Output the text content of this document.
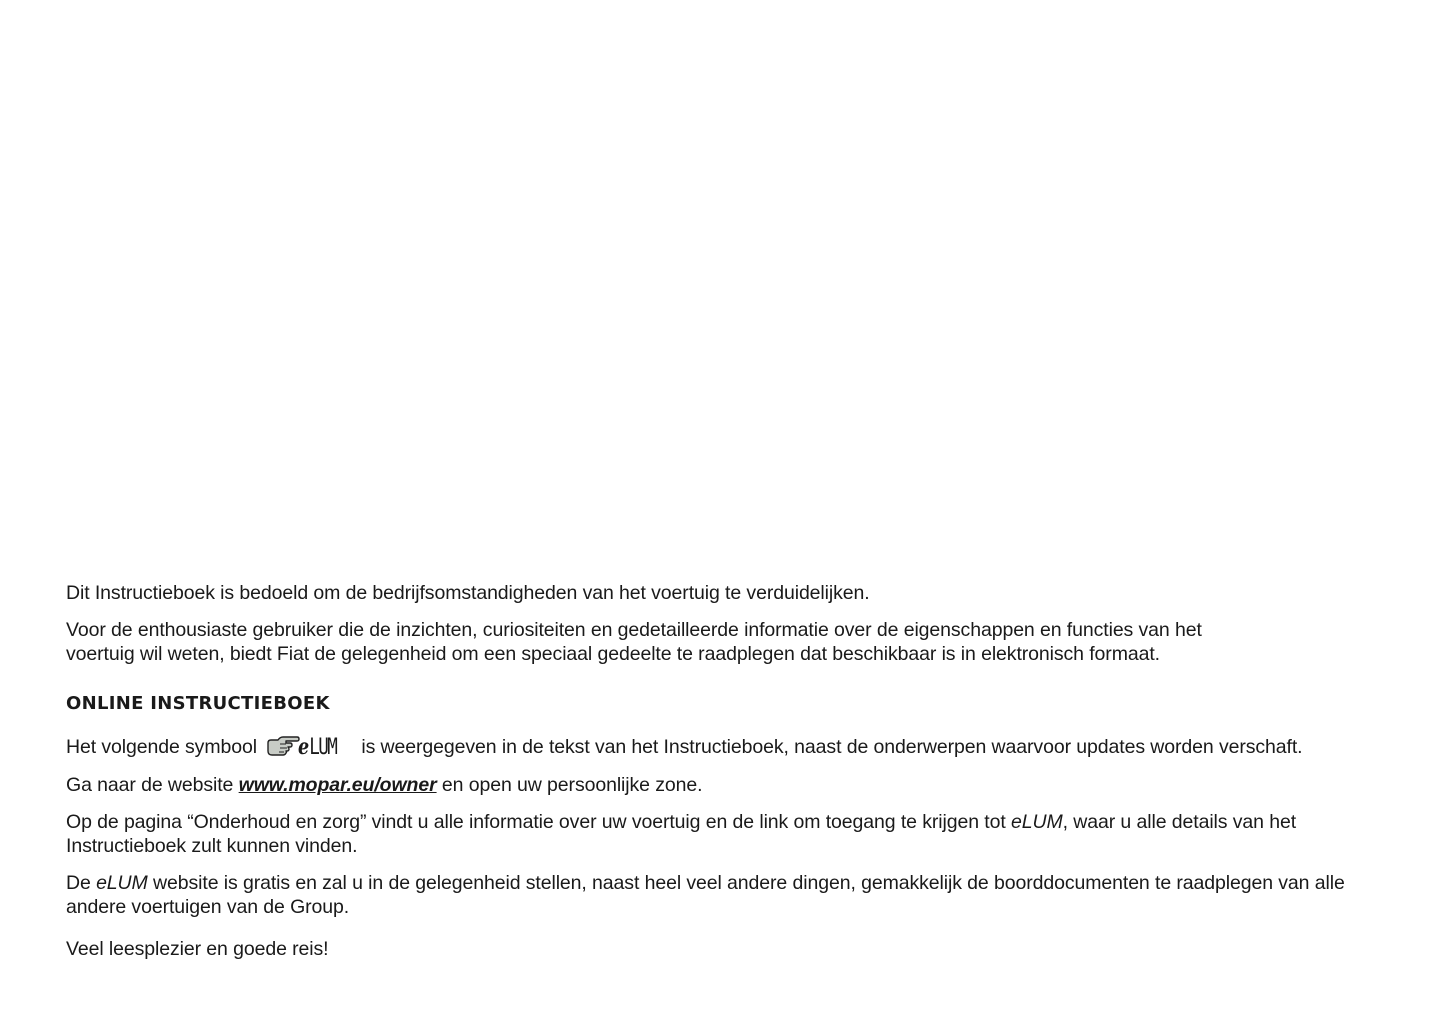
Dit Instructieboek is bedoeld om de bedrijfsomstandigheden van het voertuig te verduidelijken.

Voor de enthousiaste gebruiker die de inzichten, curiositeiten en gedetailleerde informatie over de eigenschappen en functies van het
voertuig wil weten, biedt Fiat de gelegenheid om een speciaal gedeelte te raadplegen dat beschikbaar is in elektronisch formaat.

ONLINE INSTRUCTIEBOEK

Het volgende symbool eLUM is weergegeven in de tekst van het Instructieboek, naast de onderwerpen waarvoor updates worden verschaft.

Ga naar de website www.mopar.eu/owner en open uw persoonlijke zone.

Op de pagina “Onderhoud en zorg” vindt u alle informatie over uw voertuig en de link om toegang te krijgen tot eLUM, waar u alle details van het
Instructieboek zult kunnen vinden.

De eLUM website is gratis en zal u in de gelegenheid stellen, naast heel veel andere dingen, gemakkelijk de boorddocumenten te raadplegen van alle
andere voertuigen van de Group.

Veel leesplezier en goede reis!
